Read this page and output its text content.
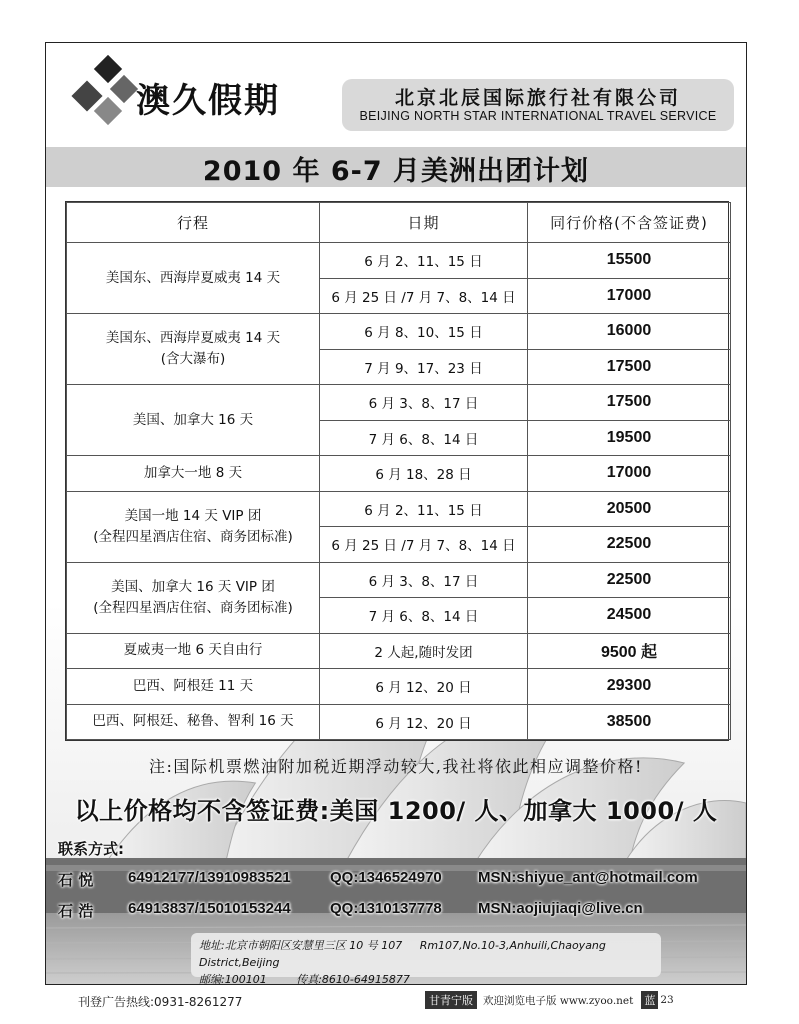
澳久假期	北京北辰国际旅行社有限公司
BEIJING NORTH STAR INTERNATIONAL TRAVEL SERVICE
2010 年 6-7 月美洲出团计划
行程	日期	同行价格(不含签证费)
美国东、西海岸夏威夷 14 天	6 月 2、11、15 日	15500
	6 月 25 日 /7 月 7、8、14 日	17000
美国东、西海岸夏威夷 14 天
(含大瀑布)	6 月 8、10、15 日	16000
	7 月 9、17、23 日	17500
美国、加拿大 16 天	6 月 3、8、17 日	17500
	7 月 6、8、14 日	19500
加拿大一地 8 天	6 月 18、28 日	17000
美国一地 14 天 VIP 团
(全程四星酒店住宿、商务团标准)	6 月 2、11、15 日	20500
	6 月 25 日 /7 月 7、8、14 日	22500
美国、加拿大 16 天 VIP 团
(全程四星酒店住宿、商务团标准)	6 月 3、8、17 日	22500
	7 月 6、8、14 日	24500
夏威夷一地 6 天自由行	2 人起,随时发团	9500 起
巴西、阿根廷 11 天	6 月 12、20 日	29300
巴西、阿根廷、秘鲁、智利 16 天	6 月 12、20 日	38500
注:国际机票燃油附加税近期浮动较大,我社将依此相应调整价格!
以上价格均不含签证费:美国 1200/ 人、加拿大 1000/ 人
联系方式:
石 悦 64912177/13910983521	QQ:1346524970 MSN:shiyue_ant@hotmail.com
石 浩 64913837/15010153244	QQ:1310137778 MSN:aojiujiaqi@live.cn
地址:北京市朝阳区安慧里三区 10 号 107 Rm107,No.10-3,Anhuili,Chaoyang District,Beijing
邮编:100101	传真:8610-64915877
刊登广告热线:0931-8261277	甘青宁版 欢迎浏览电子版 www.zyoo.net 蓝 23
